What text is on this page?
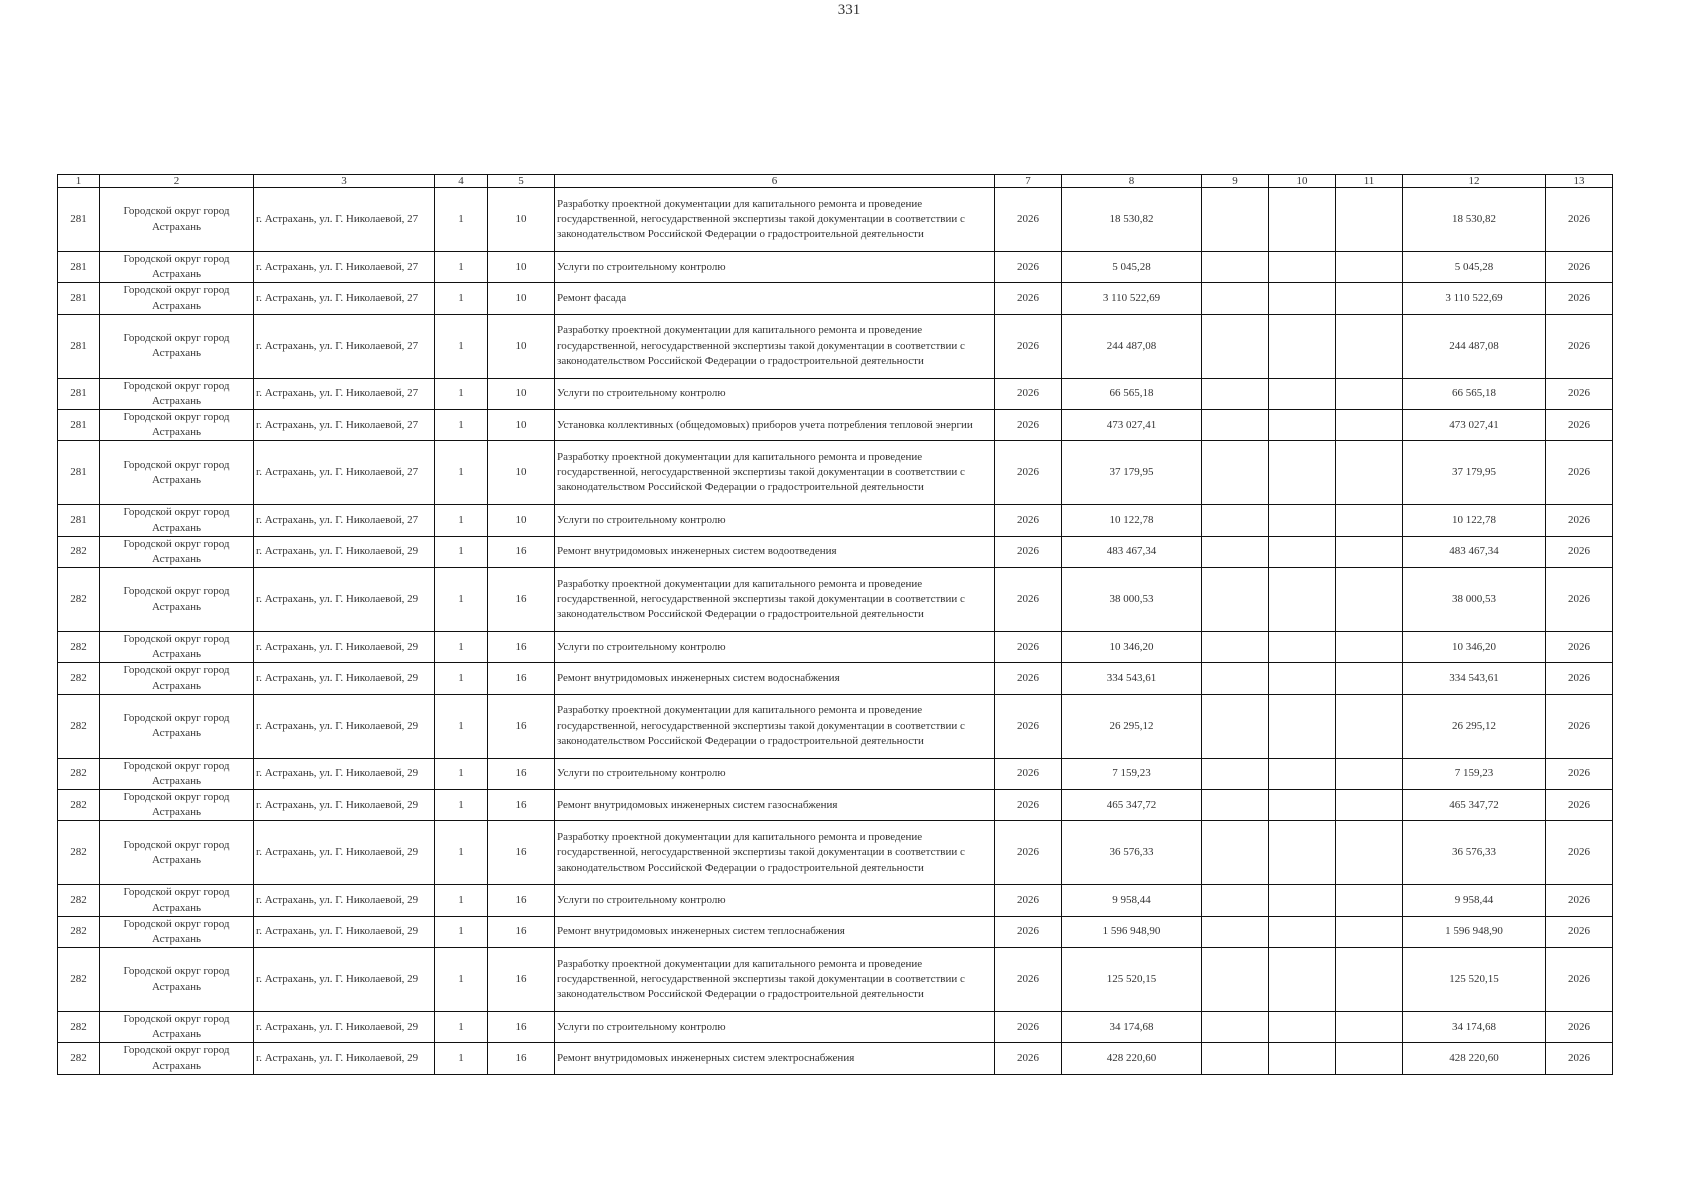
331
1	2	3	4	5	6	7	8	9	10	11	12	13
281	Городской округ город Астрахань	г. Астрахань, ул. Г. Николаевой, 27	1	10	Разработку проектной документации для капитального ремонта и проведение государственной, негосударственной экспертизы такой документации в соответствии с законодательством Российской Федерации о градостроительной деятельности	2026	18 530,82				18 530,82	2026
281	Городской округ город Астрахань	г. Астрахань, ул. Г. Николаевой, 27	1	10	Услуги по строительному контролю	2026	5 045,28				5 045,28	2026
281	Городской округ город Астрахань	г. Астрахань, ул. Г. Николаевой, 27	1	10	Ремонт фасада	2026	3 110 522,69				3 110 522,69	2026
281	Городской округ город Астрахань	г. Астрахань, ул. Г. Николаевой, 27	1	10	Разработку проектной документации для капитального ремонта и проведение государственной, негосударственной экспертизы такой документации в соответствии с законодательством Российской Федерации о градостроительной деятельности	2026	244 487,08				244 487,08	2026
281	Городской округ город Астрахань	г. Астрахань, ул. Г. Николаевой, 27	1	10	Услуги по строительному контролю	2026	66 565,18				66 565,18	2026
281	Городской округ город Астрахань	г. Астрахань, ул. Г. Николаевой, 27	1	10	Установка коллективных (общедомовых) приборов учета потребления тепловой энергии	2026	473 027,41				473 027,41	2026
281	Городской округ город Астрахань	г. Астрахань, ул. Г. Николаевой, 27	1	10	Разработку проектной документации для капитального ремонта и проведение государственной, негосударственной экспертизы такой документации в соответствии с законодательством Российской Федерации о градостроительной деятельности	2026	37 179,95				37 179,95	2026
281	Городской округ город Астрахань	г. Астрахань, ул. Г. Николаевой, 27	1	10	Услуги по строительному контролю	2026	10 122,78				10 122,78	2026
282	Городской округ город Астрахань	г. Астрахань, ул. Г. Николаевой, 29	1	16	Ремонт внутридомовых инженерных систем водоотведения	2026	483 467,34				483 467,34	2026
282	Городской округ город Астрахань	г. Астрахань, ул. Г. Николаевой, 29	1	16	Разработку проектной документации для капитального ремонта и проведение государственной, негосударственной экспертизы такой документации в соответствии с законодательством Российской Федерации о градостроительной деятельности	2026	38 000,53				38 000,53	2026
282	Городской округ город Астрахань	г. Астрахань, ул. Г. Николаевой, 29	1	16	Услуги по строительному контролю	2026	10 346,20				10 346,20	2026
282	Городской округ город Астрахань	г. Астрахань, ул. Г. Николаевой, 29	1	16	Ремонт внутридомовых инженерных систем водоснабжения	2026	334 543,61				334 543,61	2026
282	Городской округ город Астрахань	г. Астрахань, ул. Г. Николаевой, 29	1	16	Разработку проектной документации для капитального ремонта и проведение государственной, негосударственной экспертизы такой документации в соответствии с законодательством Российской Федерации о градостроительной деятельности	2026	26 295,12				26 295,12	2026
282	Городской округ город Астрахань	г. Астрахань, ул. Г. Николаевой, 29	1	16	Услуги по строительному контролю	2026	7 159,23				7 159,23	2026
282	Городской округ город Астрахань	г. Астрахань, ул. Г. Николаевой, 29	1	16	Ремонт внутридомовых инженерных систем газоснабжения	2026	465 347,72				465 347,72	2026
282	Городской округ город Астрахань	г. Астрахань, ул. Г. Николаевой, 29	1	16	Разработку проектной документации для капитального ремонта и проведение государственной, негосударственной экспертизы такой документации в соответствии с законодательством Российской Федерации о градостроительной деятельности	2026	36 576,33				36 576,33	2026
282	Городской округ город Астрахань	г. Астрахань, ул. Г. Николаевой, 29	1	16	Услуги по строительному контролю	2026	9 958,44				9 958,44	2026
282	Городской округ город Астрахань	г. Астрахань, ул. Г. Николаевой, 29	1	16	Ремонт внутридомовых инженерных систем теплоснабжения	2026	1 596 948,90				1 596 948,90	2026
282	Городской округ город Астрахань	г. Астрахань, ул. Г. Николаевой, 29	1	16	Разработку проектной документации для капитального ремонта и проведение государственной, негосударственной экспертизы такой документации в соответствии с законодательством Российской Федерации о градостроительной деятельности	2026	125 520,15				125 520,15	2026
282	Городской округ город Астрахань	г. Астрахань, ул. Г. Николаевой, 29	1	16	Услуги по строительному контролю	2026	34 174,68				34 174,68	2026
282	Городской округ город Астрахань	г. Астрахань, ул. Г. Николаевой, 29	1	16	Ремонт внутридомовых инженерных систем электроснабжения	2026	428 220,60				428 220,60	2026
